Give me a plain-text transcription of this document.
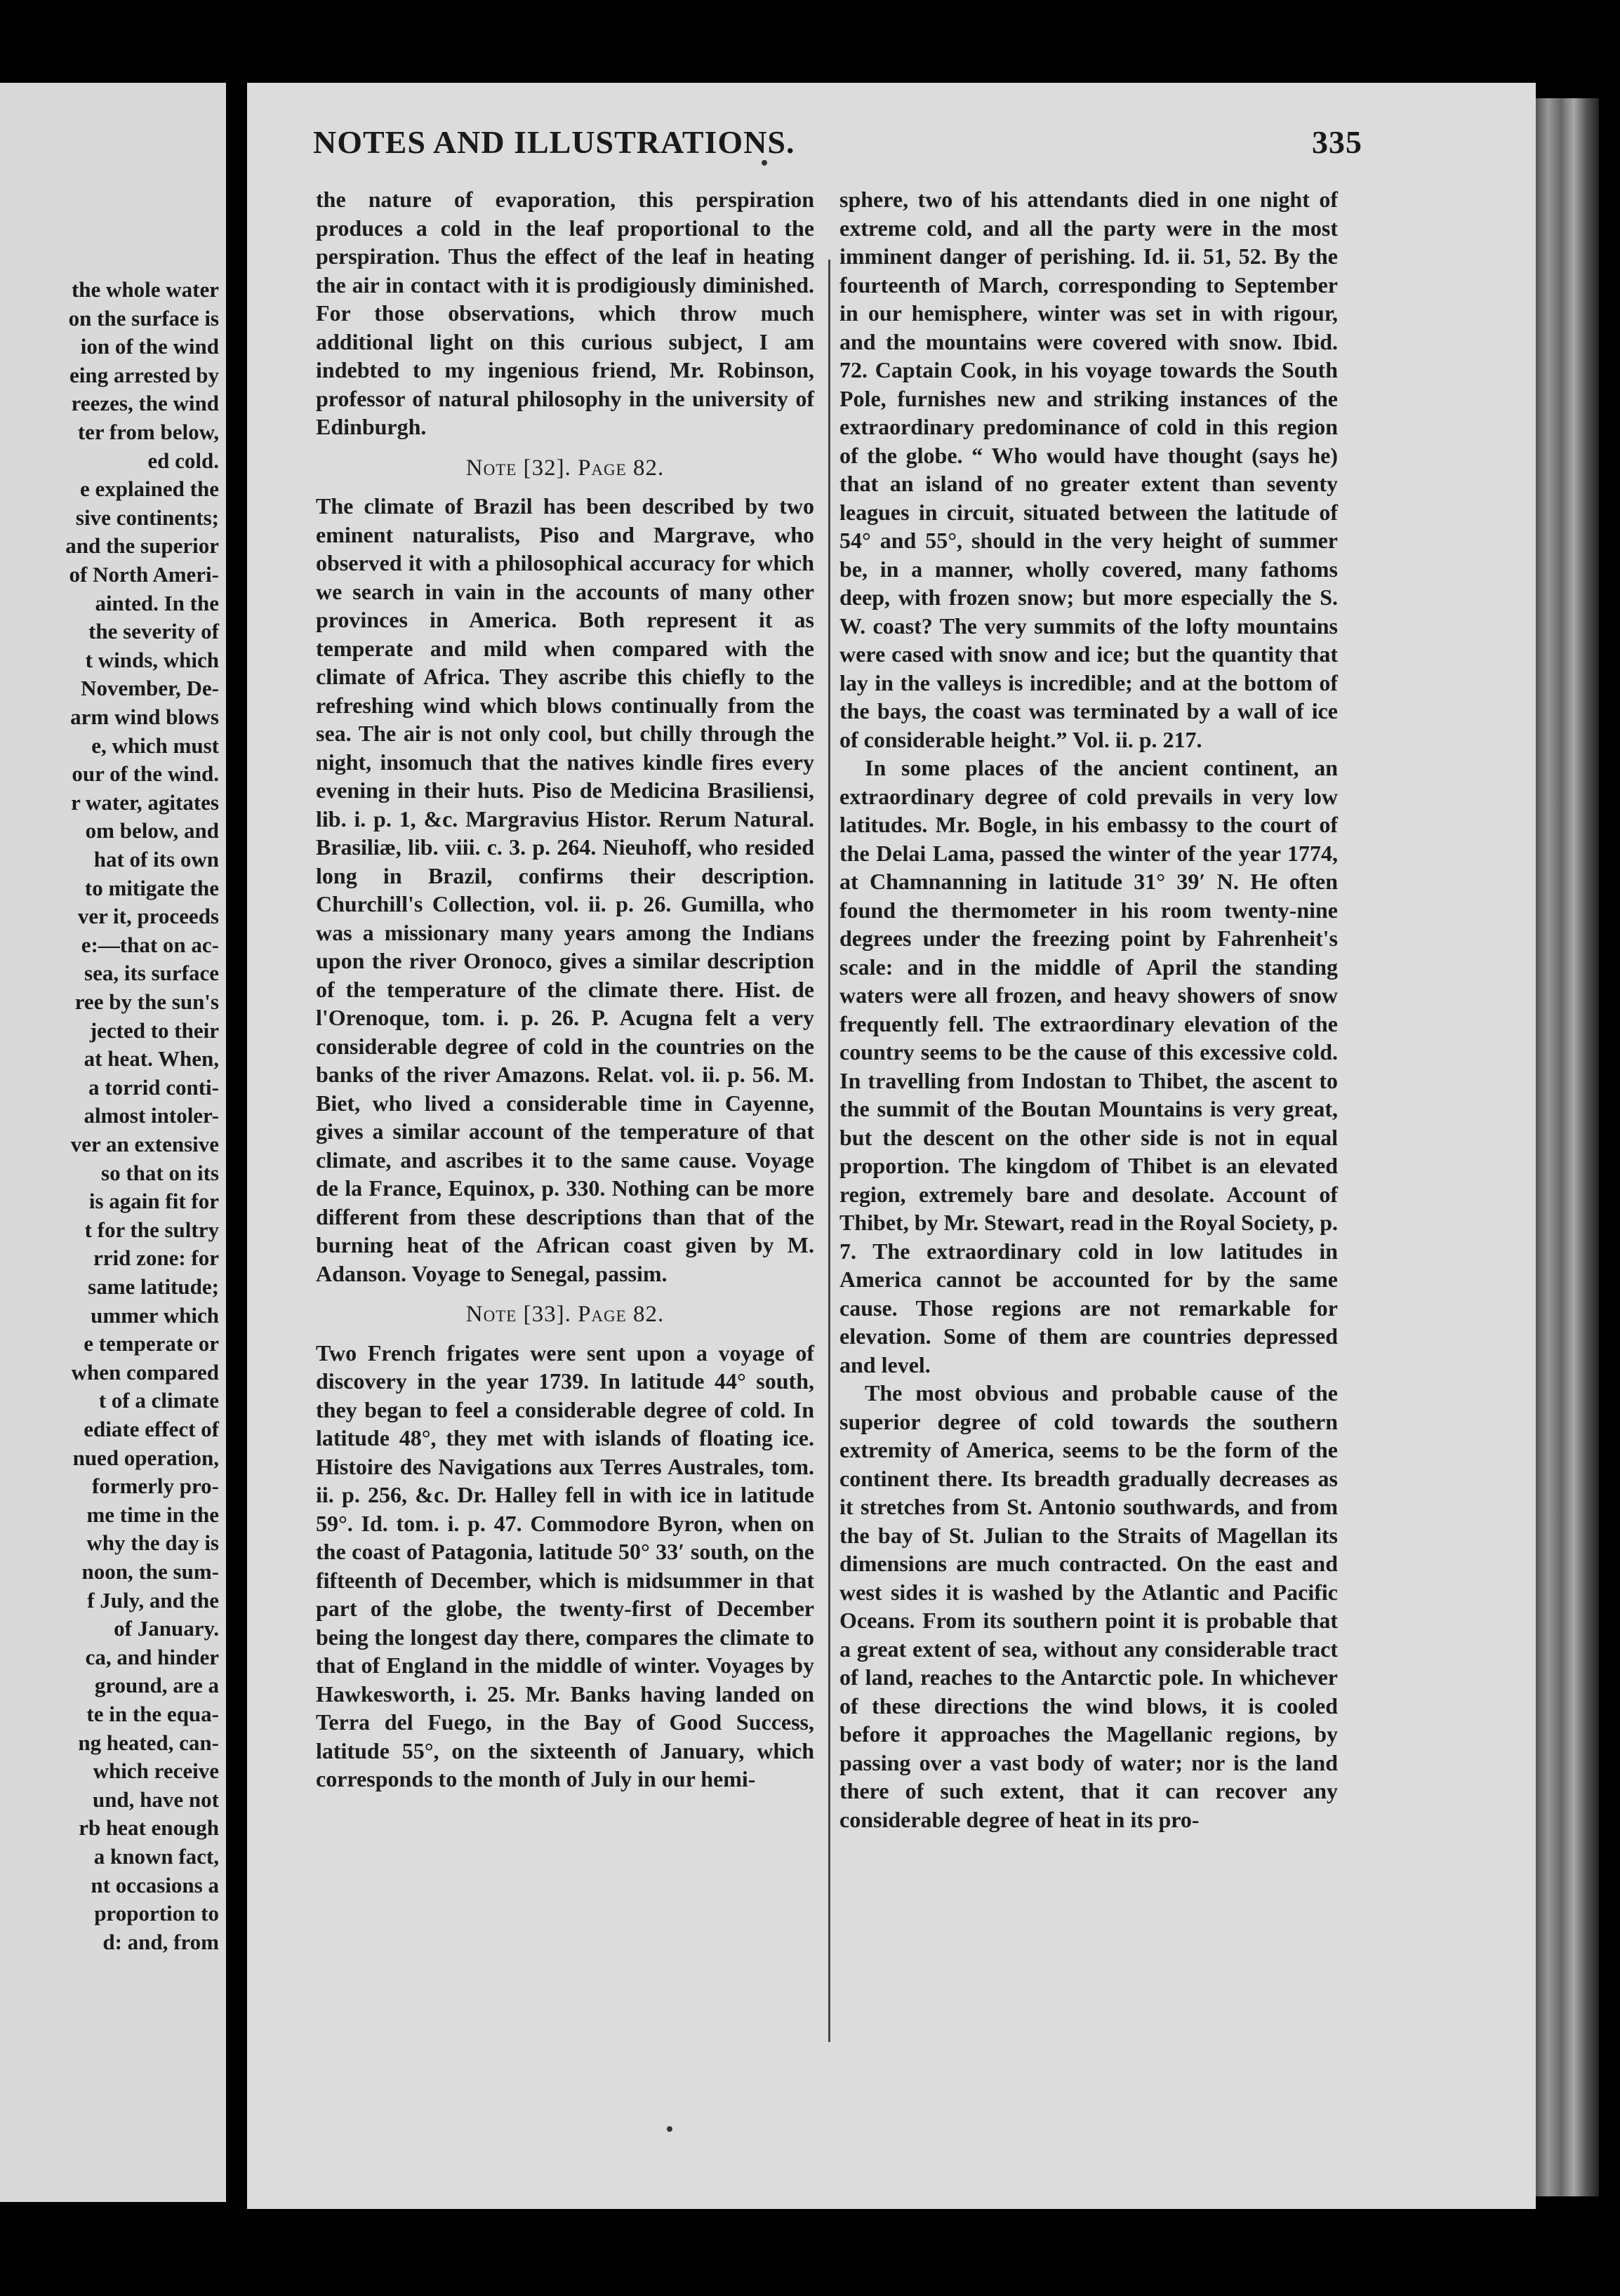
the whole water
on the surface is
ion of the wind
eing arrested by
reezes, the wind
ter from below,
ed cold.
e explained the
sive continents;
and the superior
of North Ameri-
ainted. In the
the severity of
t winds, which
November, De-
arm wind blows
e, which must
our of the wind.
r water, agitates
om below, and
hat of its own
to mitigate the
ver it, proceeds
e:—that on ac-
sea, its surface
ree by the sun's
jected to their
at heat. When,
a torrid conti-
almost intoler-
ver an extensive
so that on its
is again fit for
t for the sultry
rrid zone: for
same latitude;
ummer which
e temperate or
when compared
t of a climate
ediate effect of
nued operation,
formerly pro-
me time in the
why the day is
noon, the sum-
f July, and the
of January.
ca, and hinder
ground, are a
te in the equa-
ng heated, can-
which receive
und, have not
rb heat enough
a known fact,
nt occasions a
proportion to
d: and, from
NOTES AND ILLUSTRATIONS.	335

the nature of evaporation, this perspiration produces a cold in the leaf proportional to the perspiration. Thus the effect of the leaf in heating the air in contact with it is prodigiously diminished. For those observations, which throw much additional light on this curious subject, I am indebted to my ingenious friend, Mr. Robinson, professor of natural philosophy in the university of Edinburgh.

Note [32]. Page 82.

The climate of Brazil has been described by two eminent naturalists, Piso and Margrave, who observed it with a philosophical accuracy for which we search in vain in the accounts of many other provinces in America. Both represent it as temperate and mild when compared with the climate of Africa. They ascribe this chiefly to the refreshing wind which blows continually from the sea. The air is not only cool, but chilly through the night, insomuch that the natives kindle fires every evening in their huts. Piso de Medicina Brasiliensi, lib. i. p. 1, &c. Margravius Histor. Rerum Natural. Brasiliæ, lib. viii. c. 3. p. 264. Nieuhoff, who resided long in Brazil, confirms their description. Churchill's Collection, vol. ii. p. 26. Gumilla, who was a missionary many years among the Indians upon the river Oronoco, gives a similar description of the temperature of the climate there. Hist. de l'Orenoque, tom. i. p. 26. P. Acugna felt a very considerable degree of cold in the countries on the banks of the river Amazons. Relat. vol. ii. p. 56. M. Biet, who lived a considerable time in Cayenne, gives a similar account of the temperature of that climate, and ascribes it to the same cause. Voyage de la France, Equinox, p. 330. Nothing can be more different from these descriptions than that of the burning heat of the African coast given by M. Adanson. Voyage to Senegal, passim.

Note [33]. Page 82.

Two French frigates were sent upon a voyage of discovery in the year 1739. In latitude 44° south, they began to feel a considerable degree of cold. In latitude 48°, they met with islands of floating ice. Histoire des Navigations aux Terres Australes, tom. ii. p. 256, &c. Dr. Halley fell in with ice in latitude 59°. Id. tom. i. p. 47. Commodore Byron, when on the coast of Patagonia, latitude 50° 33′ south, on the fifteenth of December, which is midsummer in that part of the globe, the twenty-first of December being the longest day there, compares the climate to that of England in the middle of winter. Voyages by Hawkesworth, i. 25. Mr. Banks having landed on Terra del Fuego, in the Bay of Good Success, latitude 55°, on the sixteenth of January, which corresponds to the month of July in our hemi-

sphere, two of his attendants died in one night of extreme cold, and all the party were in the most imminent danger of perishing. Id. ii. 51, 52. By the fourteenth of March, corresponding to September in our hemisphere, winter was set in with rigour, and the mountains were covered with snow. Ibid. 72. Captain Cook, in his voyage towards the South Pole, furnishes new and striking instances of the extraordinary predominance of cold in this region of the globe. “ Who would have thought (says he) that an island of no greater extent than seventy leagues in circuit, situated between the latitude of 54° and 55°, should in the very height of summer be, in a manner, wholly covered, many fathoms deep, with frozen snow; but more especially the S. W. coast? The very summits of the lofty mountains were cased with snow and ice; but the quantity that lay in the valleys is incredible; and at the bottom of the bays, the coast was terminated by a wall of ice of considerable height.” Vol. ii. p. 217.

In some places of the ancient continent, an extraordinary degree of cold prevails in very low latitudes. Mr. Bogle, in his embassy to the court of the Delai Lama, passed the winter of the year 1774, at Chamnanning in latitude 31° 39′ N. He often found the thermometer in his room twenty-nine degrees under the freezing point by Fahrenheit's scale: and in the middle of April the standing waters were all frozen, and heavy showers of snow frequently fell. The extraordinary elevation of the country seems to be the cause of this excessive cold. In travelling from Indostan to Thibet, the ascent to the summit of the Boutan Mountains is very great, but the descent on the other side is not in equal proportion. The kingdom of Thibet is an elevated region, extremely bare and desolate. Account of Thibet, by Mr. Stewart, read in the Royal Society, p. 7. The extraordinary cold in low latitudes in America cannot be accounted for by the same cause. Those regions are not remarkable for elevation. Some of them are countries depressed and level.

The most obvious and probable cause of the superior degree of cold towards the southern extremity of America, seems to be the form of the continent there. Its breadth gradually decreases as it stretches from St. Antonio southwards, and from the bay of St. Julian to the Straits of Magellan its dimensions are much contracted. On the east and west sides it is washed by the Atlantic and Pacific Oceans. From its southern point it is probable that a great extent of sea, without any considerable tract of land, reaches to the Antarctic pole. In whichever of these directions the wind blows, it is cooled before it approaches the Magellanic regions, by passing over a vast body of water; nor is the land there of such extent, that it can recover any considerable degree of heat in its pro-
